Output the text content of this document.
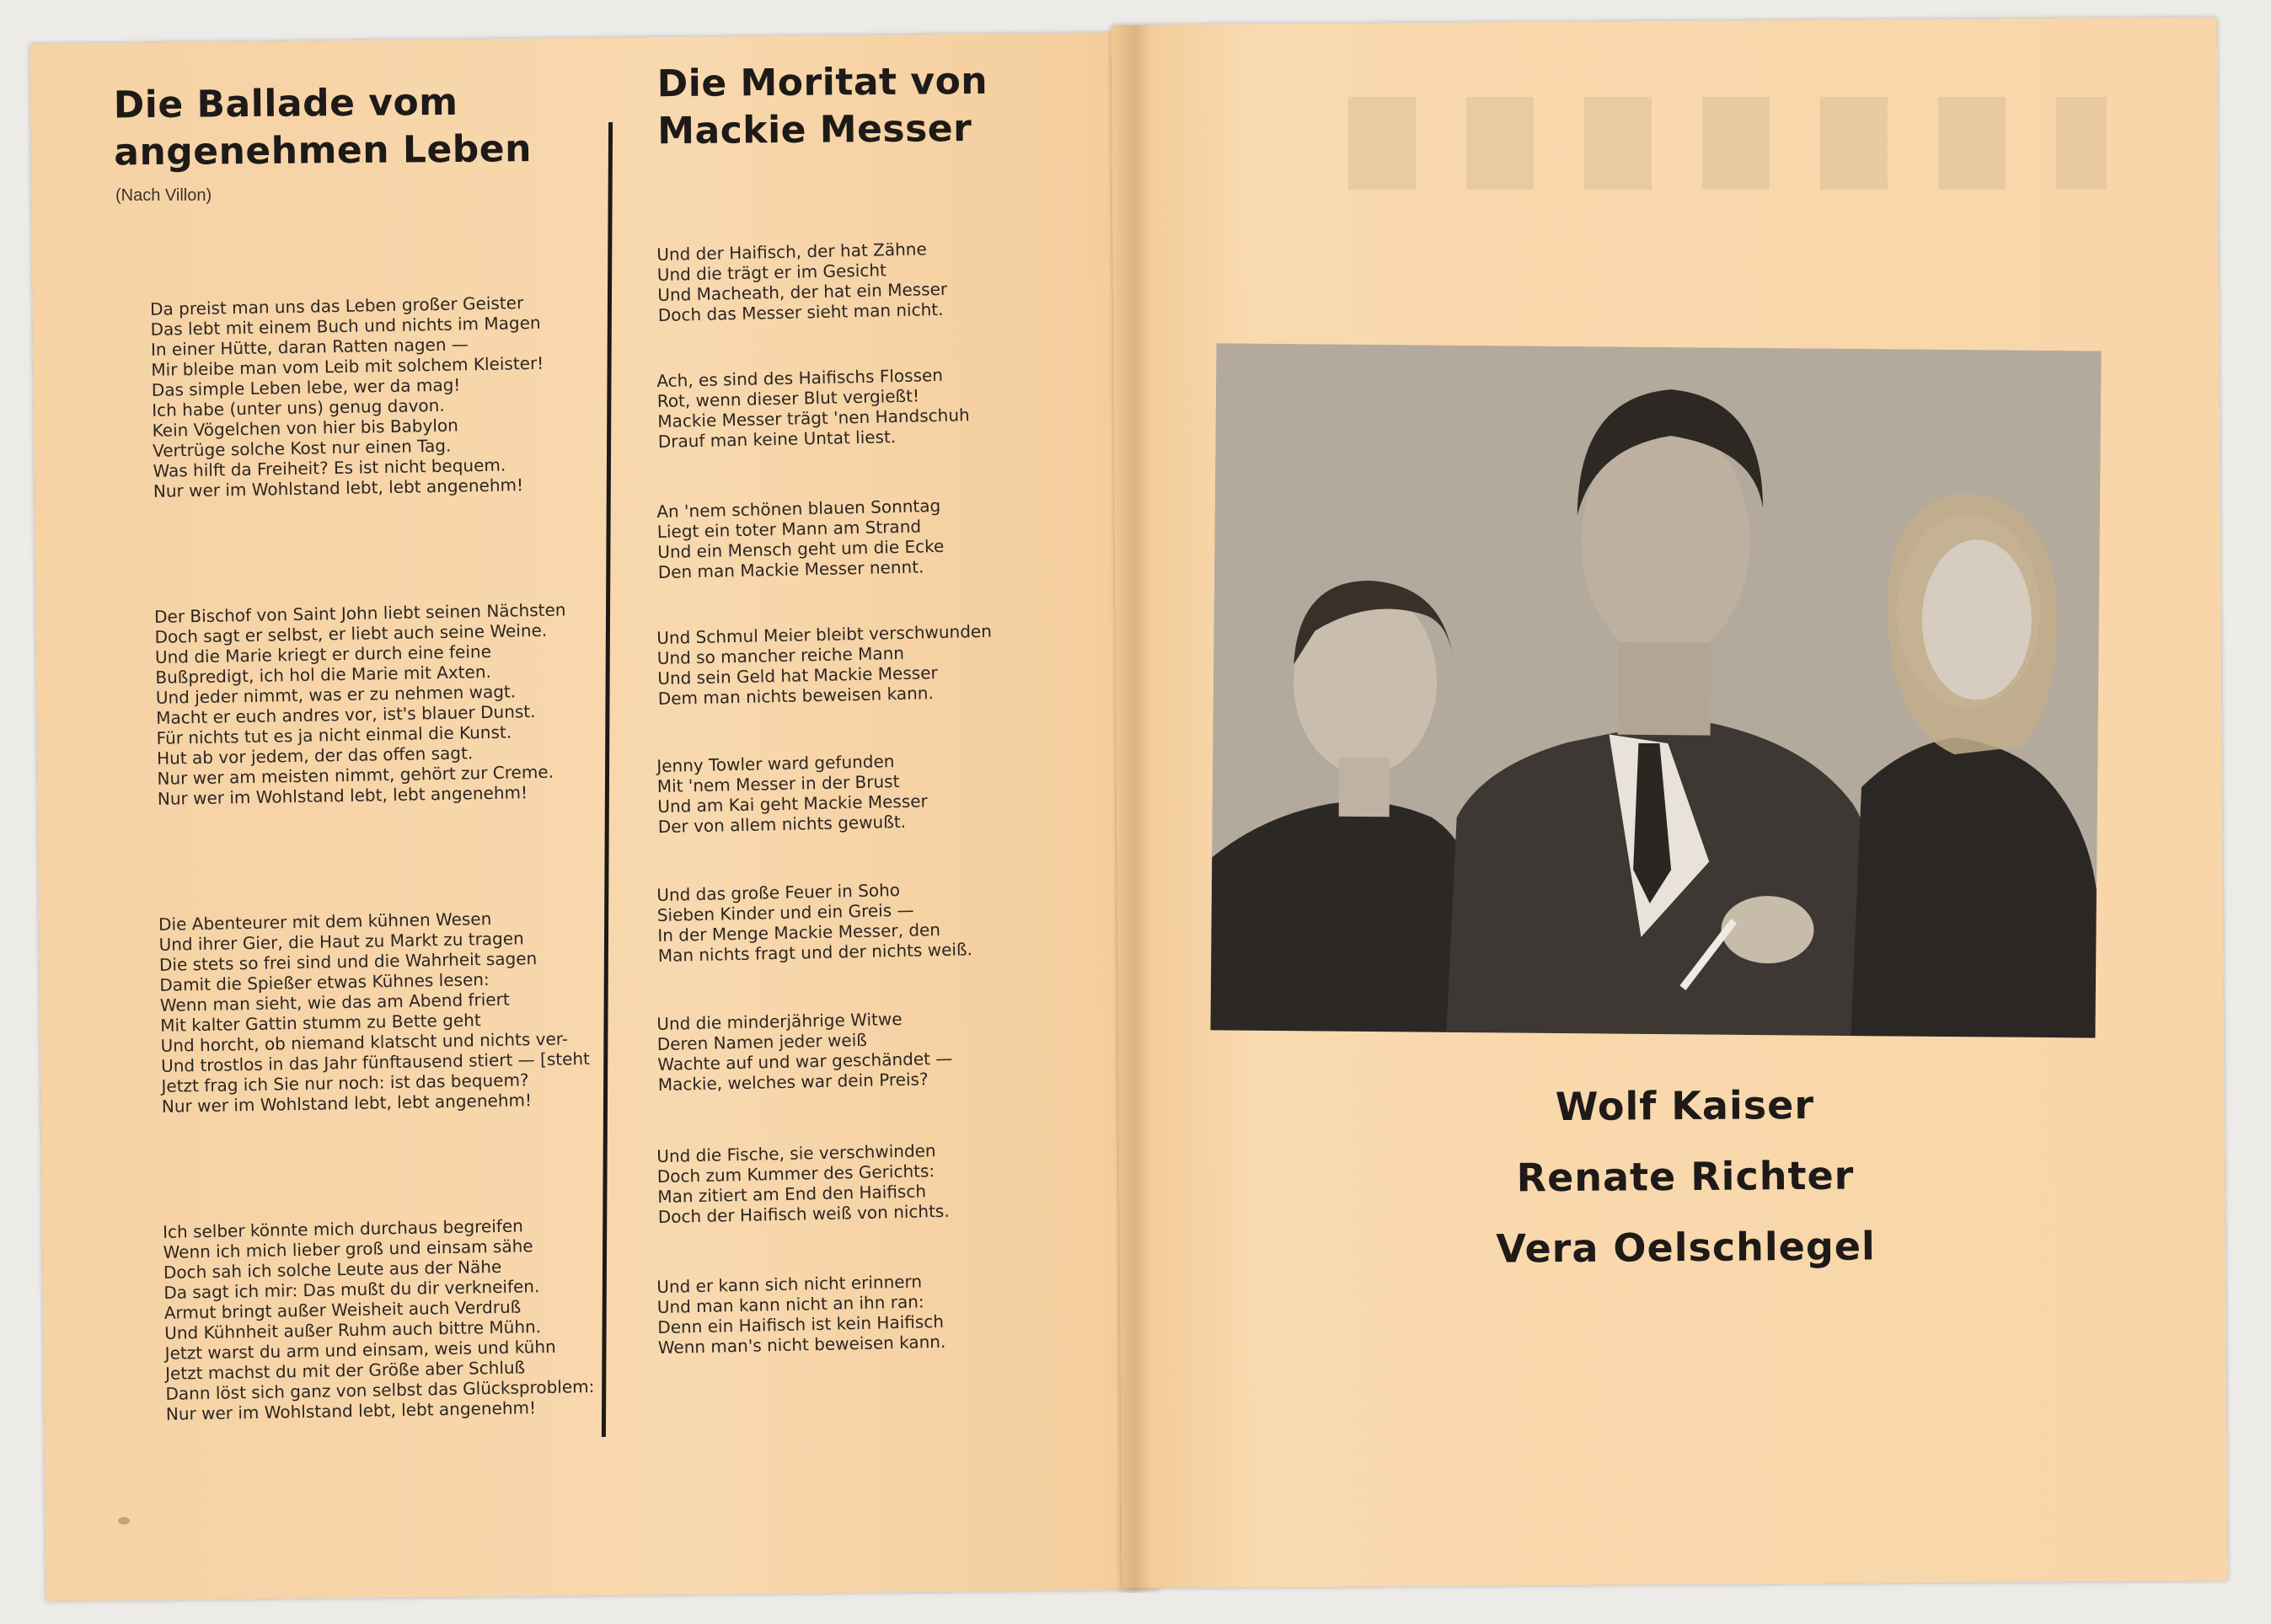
Die Ballade vom
angenehmen Leben
(Nach Villon)

Da preist man uns das Leben großer Geister
Das lebt mit einem Buch und nichts im Magen
In einer Hütte, daran Ratten nagen —
Mir bleibe man vom Leib mit solchem Kleister!
Das simple Leben lebe, wer da mag!
Ich habe (unter uns) genug davon.
Kein Vögelchen von hier bis Babylon
Vertrüge solche Kost nur einen Tag.
Was hilft da Freiheit? Es ist nicht bequem.
Nur wer im Wohlstand lebt, lebt angenehm!

Der Bischof von Saint John liebt seinen Nächsten
Doch sagt er selbst, er liebt auch seine Weine.
Und die Marie kriegt er durch eine feine
Bußpredigt, ich hol die Marie mit Axten.
Und jeder nimmt, was er zu nehmen wagt.
Macht er euch andres vor, ist's blauer Dunst.
Für nichts tut es ja nicht einmal die Kunst.
Hut ab vor jedem, der das offen sagt.
Nur wer am meisten nimmt, gehört zur Creme.
Nur wer im Wohlstand lebt, lebt angenehm!

Die Abenteurer mit dem kühnen Wesen
Und ihrer Gier, die Haut zu Markt zu tragen
Die stets so frei sind und die Wahrheit sagen
Damit die Spießer etwas Kühnes lesen:
Wenn man sieht, wie das am Abend friert
Mit kalter Gattin stumm zu Bette geht
Und horcht, ob niemand klatscht und nichts ver-
Und trostlos in das Jahr fünftausend stiert — [steht
Jetzt frag ich Sie nur noch: ist das bequem?
Nur wer im Wohlstand lebt, lebt angenehm!

Ich selber könnte mich durchaus begreifen
Wenn ich mich lieber groß und einsam sähe
Doch sah ich solche Leute aus der Nähe
Da sagt ich mir: Das mußt du dir verkneifen.
Armut bringt außer Weisheit auch Verdruß
Und Kühnheit außer Ruhm auch bittre Mühn.
Jetzt warst du arm und einsam, weis und kühn
Jetzt machst du mit der Größe aber Schluß
Dann löst sich ganz von selbst das Glücksproblem:
Nur wer im Wohlstand lebt, lebt angenehm!

Die Moritat von
Mackie Messer

Und der Haifisch, der hat Zähne
Und die trägt er im Gesicht
Und Macheath, der hat ein Messer
Doch das Messer sieht man nicht.

Ach, es sind des Haifischs Flossen
Rot, wenn dieser Blut vergießt!
Mackie Messer trägt 'nen Handschuh
Drauf man keine Untat liest.

An 'nem schönen blauen Sonntag
Liegt ein toter Mann am Strand
Und ein Mensch geht um die Ecke
Den man Mackie Messer nennt.

Und Schmul Meier bleibt verschwunden
Und so mancher reiche Mann
Und sein Geld hat Mackie Messer
Dem man nichts beweisen kann.

Jenny Towler ward gefunden
Mit 'nem Messer in der Brust
Und am Kai geht Mackie Messer
Der von allem nichts gewußt.

Und das große Feuer in Soho
Sieben Kinder und ein Greis —
In der Menge Mackie Messer, den
Man nichts fragt und der nichts weiß.

Und die minderjährige Witwe
Deren Namen jeder weiß
Wachte auf und war geschändet —
Mackie, welches war dein Preis?

Und die Fische, sie verschwinden
Doch zum Kummer des Gerichts:
Man zitiert am End den Haifisch
Doch der Haifisch weiß von nichts.

Und er kann sich nicht erinnern
Und man kann nicht an ihn ran:
Denn ein Haifisch ist kein Haifisch
Wenn man's nicht beweisen kann.

Wolf Kaiser
Renate Richter
Vera Oelschlegel
